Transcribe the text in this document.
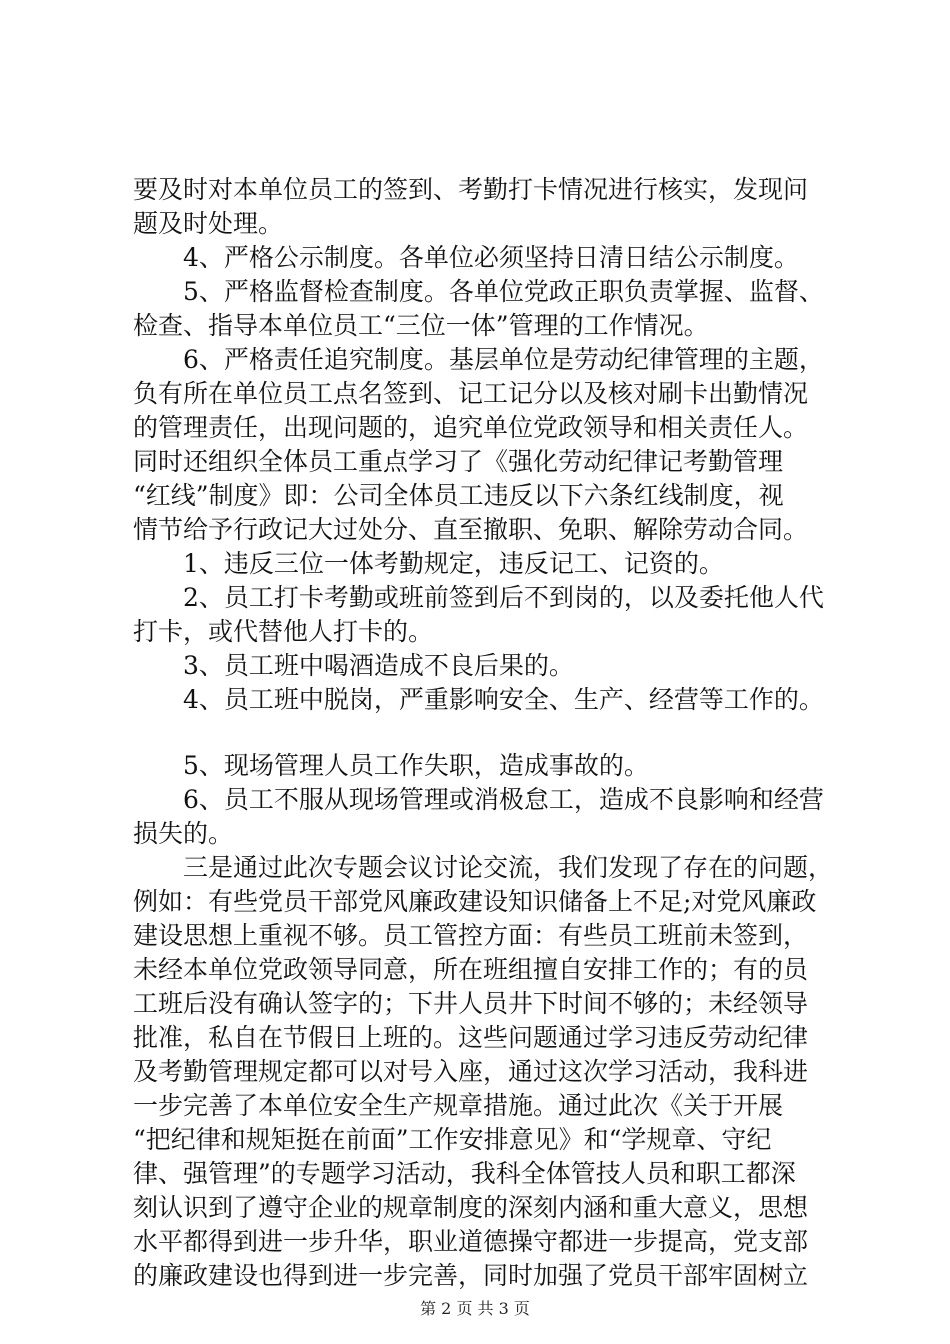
要及时对本单位员工的签到、考勤打卡情况进行核实，发现问
题及时处理。
　　4、严格公示制度。各单位必须坚持日清日结公示制度。
　　5、严格监督检查制度。各单位党政正职负责掌握、监督、
检查、指导本单位员工“三位一体”管理的工作情况。
　　6、严格责任追究制度。基层单位是劳动纪律管理的主题，
负有所在单位员工点名签到、记工记分以及核对刷卡出勤情况
的管理责任，出现问题的，追究单位党政领导和相关责任人。
同时还组织全体员工重点学习了《强化劳动纪律记考勤管理
“红线”制度》即：公司全体员工违反以下六条红线制度，视
情节给予行政记大过处分、直至撤职、免职、解除劳动合同。
　　1、违反三位一体考勤规定，违反记工、记资的。
　　2、员工打卡考勤或班前签到后不到岗的，以及委托他人代
打卡，或代替他人打卡的。
　　3、员工班中喝酒造成不良后果的。
　　4、员工班中脱岗，严重影响安全、生产、经营等工作的。
　　5、现场管理人员工作失职，造成事故的。
　　6、员工不服从现场管理或消极怠工，造成不良影响和经营
损失的。
　　三是通过此次专题会议讨论交流，我们发现了存在的问题，
例如：有些党员干部党风廉政建设知识储备上不足;对党风廉政
建设思想上重视不够。员工管控方面：有些员工班前未签到，
未经本单位党政领导同意，所在班组擅自安排工作的；有的员
工班后没有确认签字的；下井人员井下时间不够的；未经领导
批准，私自在节假日上班的。这些问题通过学习违反劳动纪律
及考勤管理规定都可以对号入座，通过这次学习活动，我科进
一步完善了本单位安全生产规章措施。通过此次《关于开展
“把纪律和规矩挺在前面”工作安排意见》和“学规章、守纪
律、强管理”的专题学习活动，我科全体管技人员和职工都深
刻认识到了遵守企业的规章制度的深刻内涵和重大意义，思想
水平都得到进一步升华，职业道德操守都进一步提高，党支部
的廉政建设也得到进一步完善，同时加强了党员干部牢固树立
第 2 页 共 3 页
